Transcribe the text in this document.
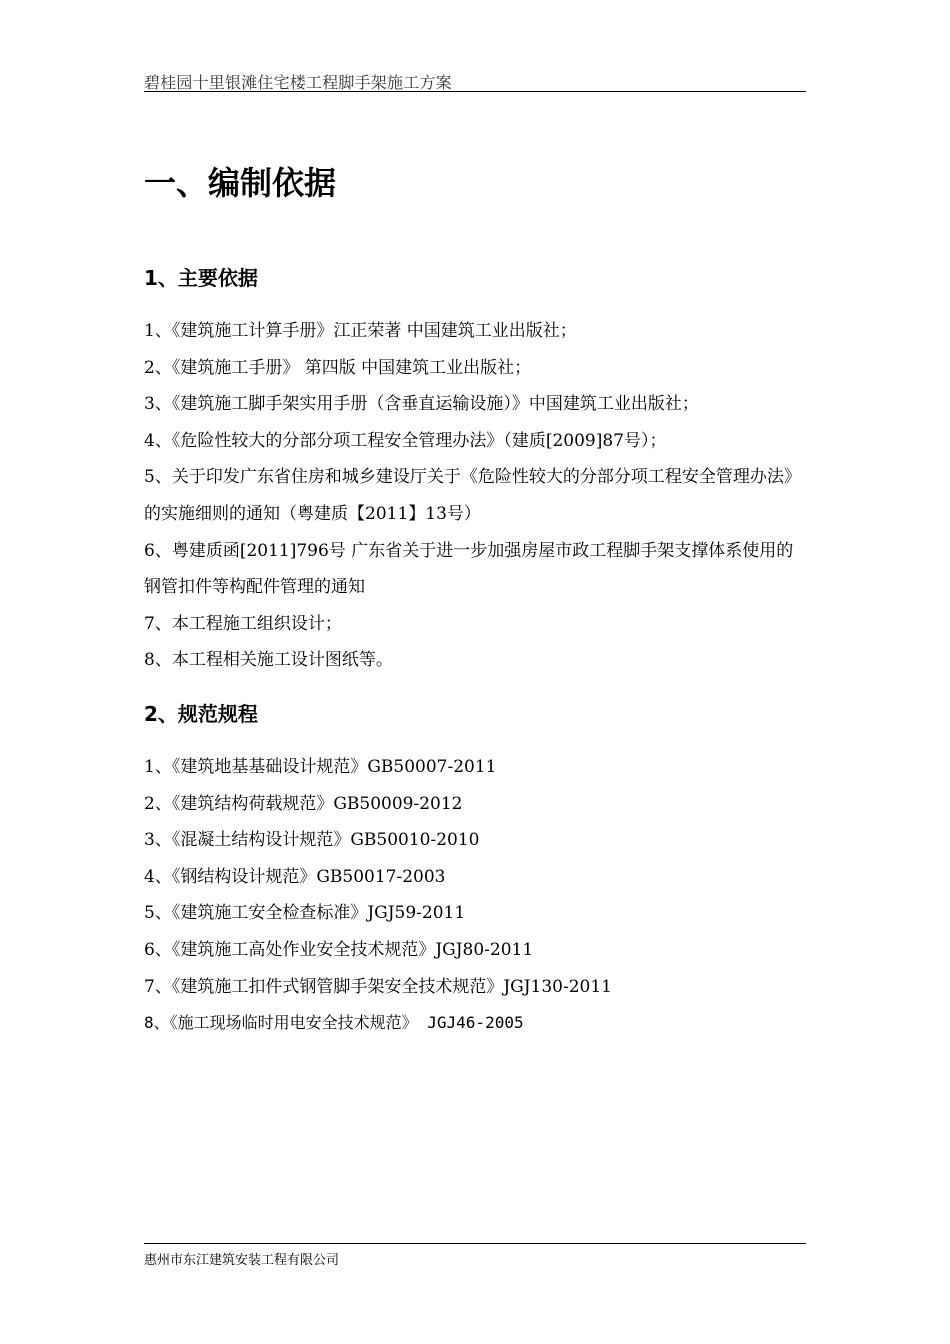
碧桂园十里银滩住宅楼工程脚手架施工方案
一、编制依据
1、主要依据
1、《建筑施工计算手册》江正荣著 中国建筑工业出版社；
2、《建筑施工手册》 第四版 中国建筑工业出版社；
3、《建筑施工脚手架实用手册（含垂直运输设施）》中国建筑工业出版社；
4、《危险性较大的分部分项工程安全管理办法》（建质[2009]87号）；
5、关于印发广东省住房和城乡建设厅关于《危险性较大的分部分项工程安全管理办法》的实施细则的通知（粤建质【2011】13号）
6、粤建质函[2011]796号 广东省关于进一步加强房屋市政工程脚手架支撑体系使用的钢管扣件等构配件管理的通知
7、本工程施工组织设计；
8、本工程相关施工设计图纸等。
2、规范规程
1、《建筑地基基础设计规范》GB50007-2011
2、《建筑结构荷载规范》GB50009-2012
3、《混凝土结构设计规范》GB50010-2010
4、《钢结构设计规范》GB50017-2003
5、《建筑施工安全检查标准》JGJ59-2011
6、《建筑施工高处作业安全技术规范》JGJ80-2011
7、《建筑施工扣件式钢管脚手架安全技术规范》JGJ130-2011
8、《施工现场临时用电安全技术规范》 JGJ46-2005
惠州市东江建筑安装工程有限公司
